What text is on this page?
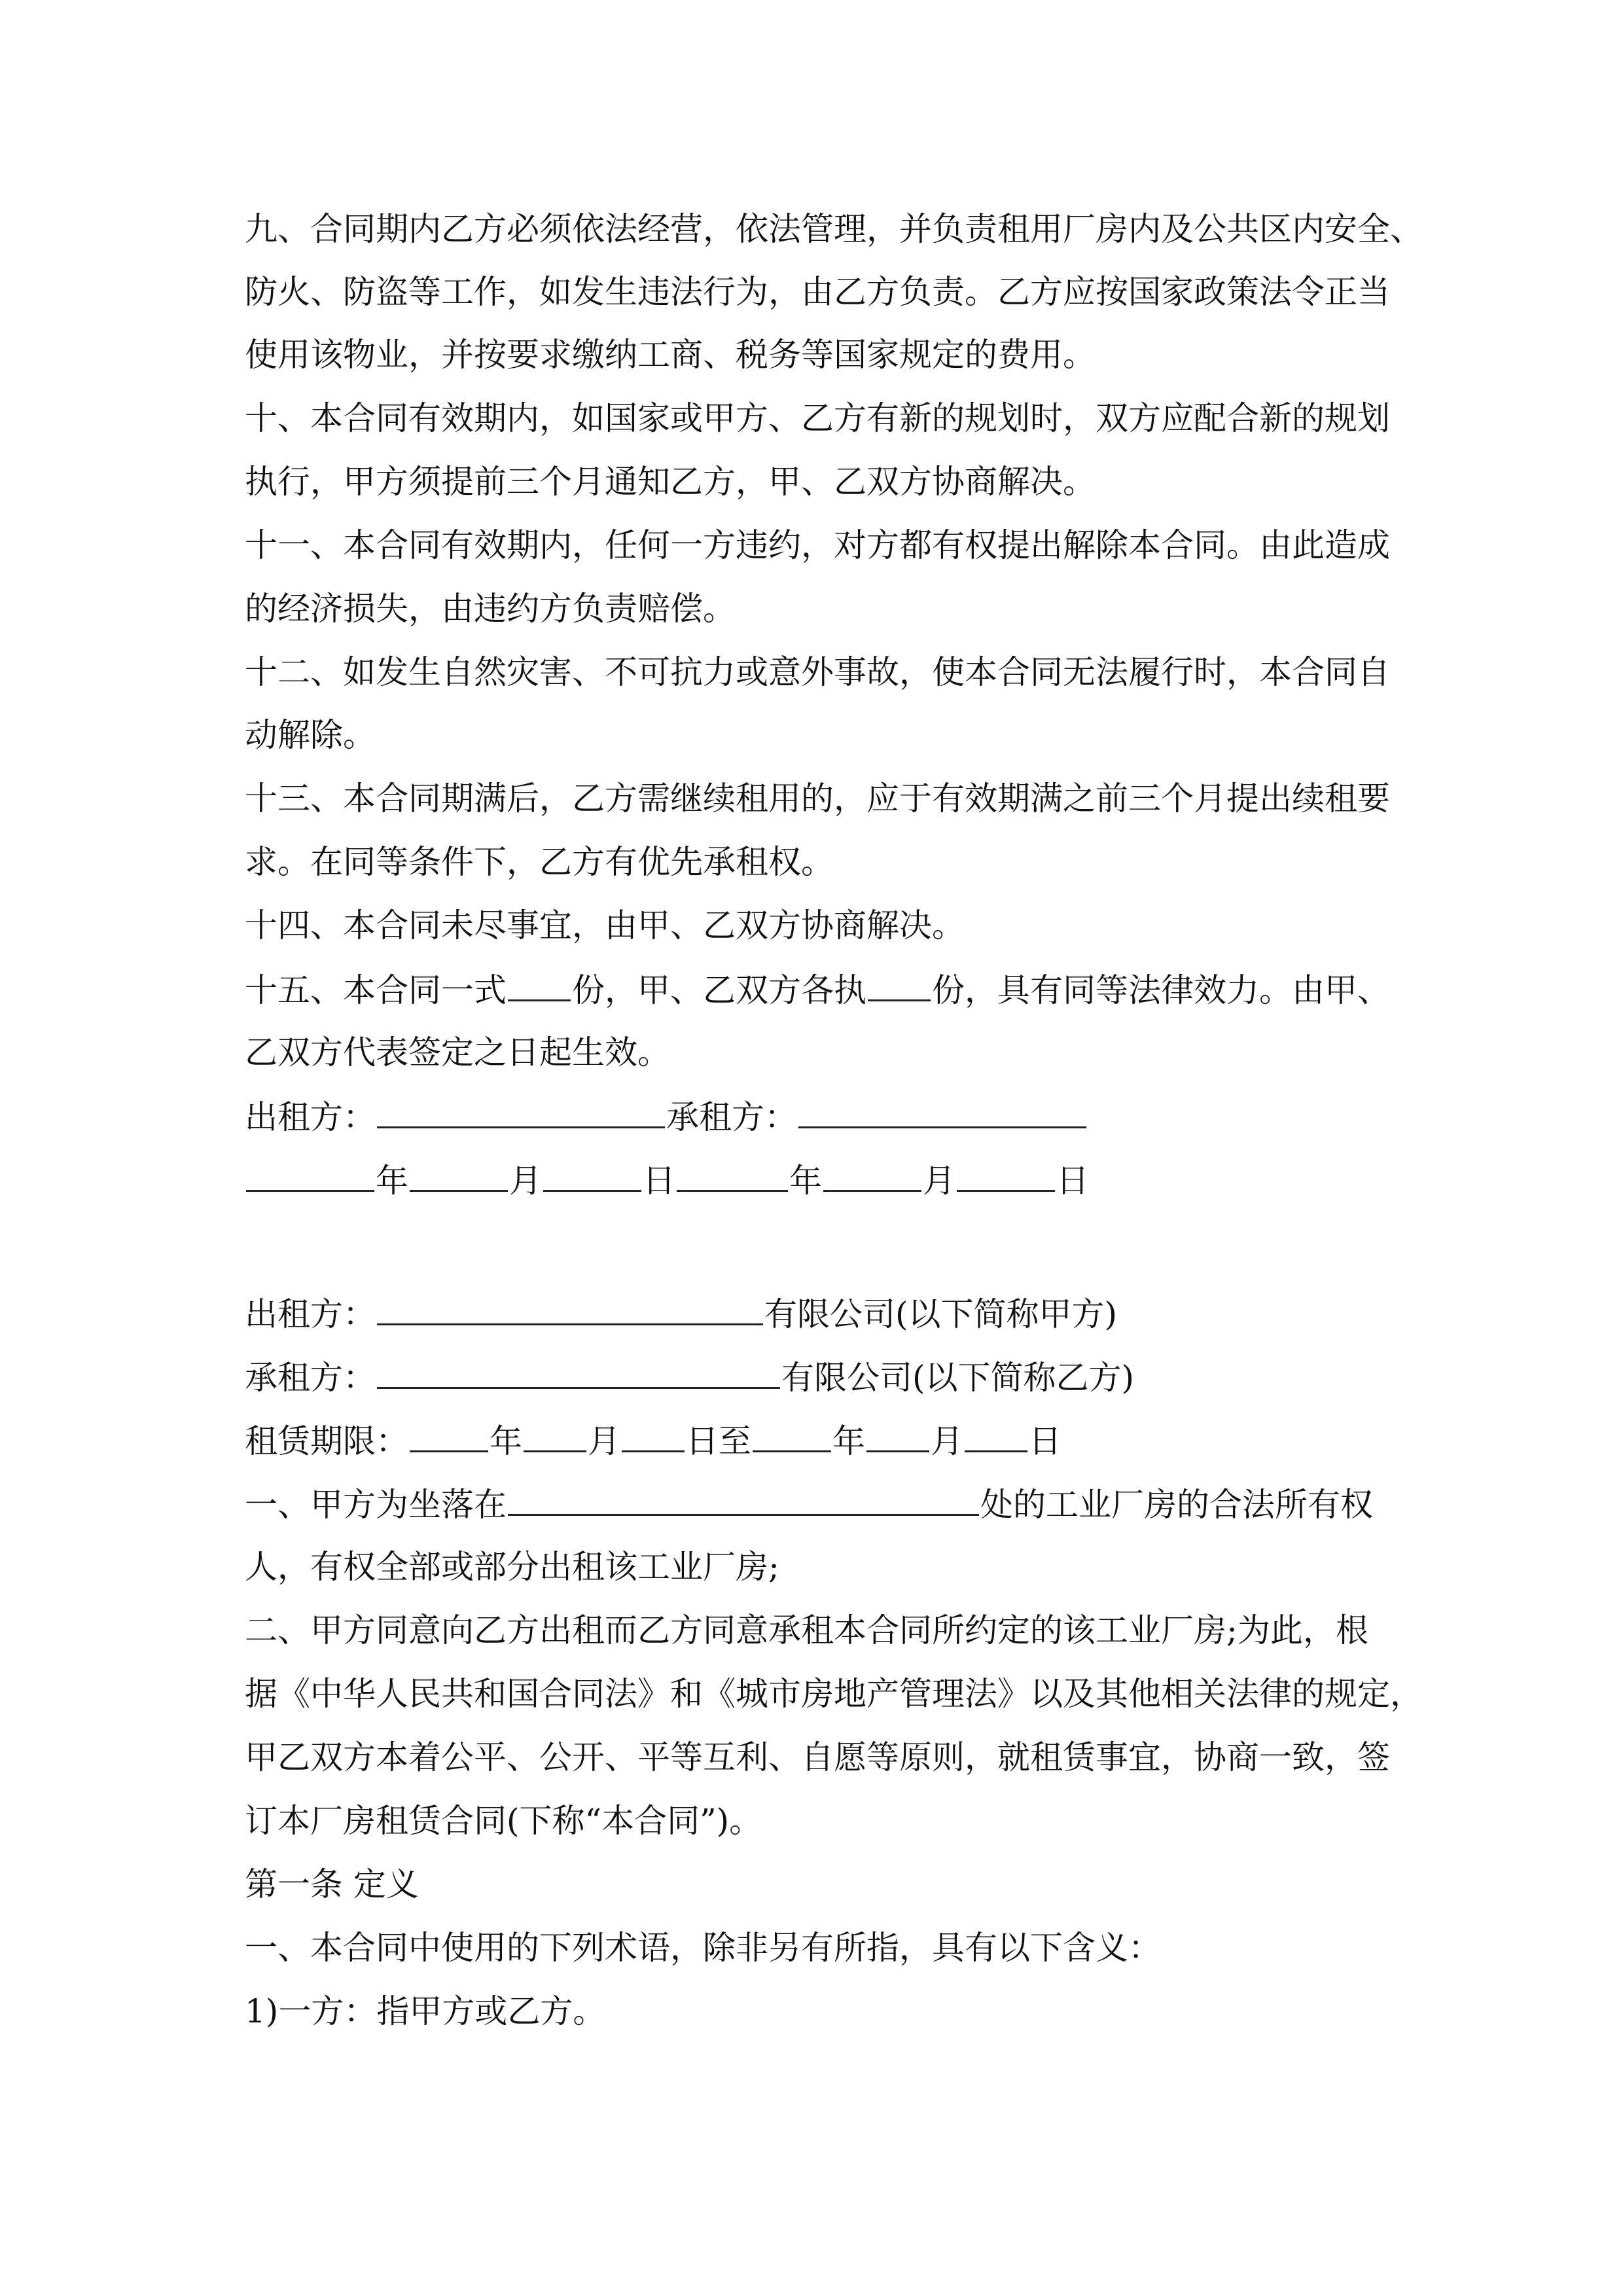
九、合同期内乙方必须依法经营，依法管理，并负责租用厂房内及公共区内安全、
防火、防盗等工作，如发生违法行为，由乙方负责。乙方应按国家政策法令正当
使用该物业，并按要求缴纳工商、税务等国家规定的费用。
十、本合同有效期内，如国家或甲方、乙方有新的规划时，双方应配合新的规划
执行，甲方须提前三个月通知乙方，甲、乙双方协商解决。
十一、本合同有效期内，任何一方违约，对方都有权提出解除本合同。由此造成
的经济损失，由违约方负责赔偿。
十二、如发生自然灾害、不可抗力或意外事故，使本合同无法履行时，本合同自
动解除。
十三、本合同期满后，乙方需继续租用的，应于有效期满之前三个月提出续租要
求。在同等条件下，乙方有优先承租权。
十四、本合同未尽事宜，由甲、乙双方协商解决。
十五、本合同一式 份，甲、乙双方各执 份，具有同等法律效力。由甲、
乙双方代表签定之日起生效。
出租方：	承租方：
年	月	日	年	月	日
出租方：	有限公司(以下简称甲方)
承租方：	有限公司(以下简称乙方)
租赁期限： 年 月 日至 年 月 日
一、甲方为坐落在	处的工业厂房的合法所有权
人，有权全部或部分出租该工业厂房;
二、甲方同意向乙方出租而乙方同意承租本合同所约定的该工业厂房;为此，根
据《中华人民共和国合同法》和《城市房地产管理法》以及其他相关法律的规定，
甲乙双方本着公平、公开、平等互利、自愿等原则，就租赁事宜，协商一致，签
订本厂房租赁合同(下称“本合同”)。
第一条 定义
一、本合同中使用的下列术语，除非另有所指，具有以下含义：
1)一方：指甲方或乙方。
